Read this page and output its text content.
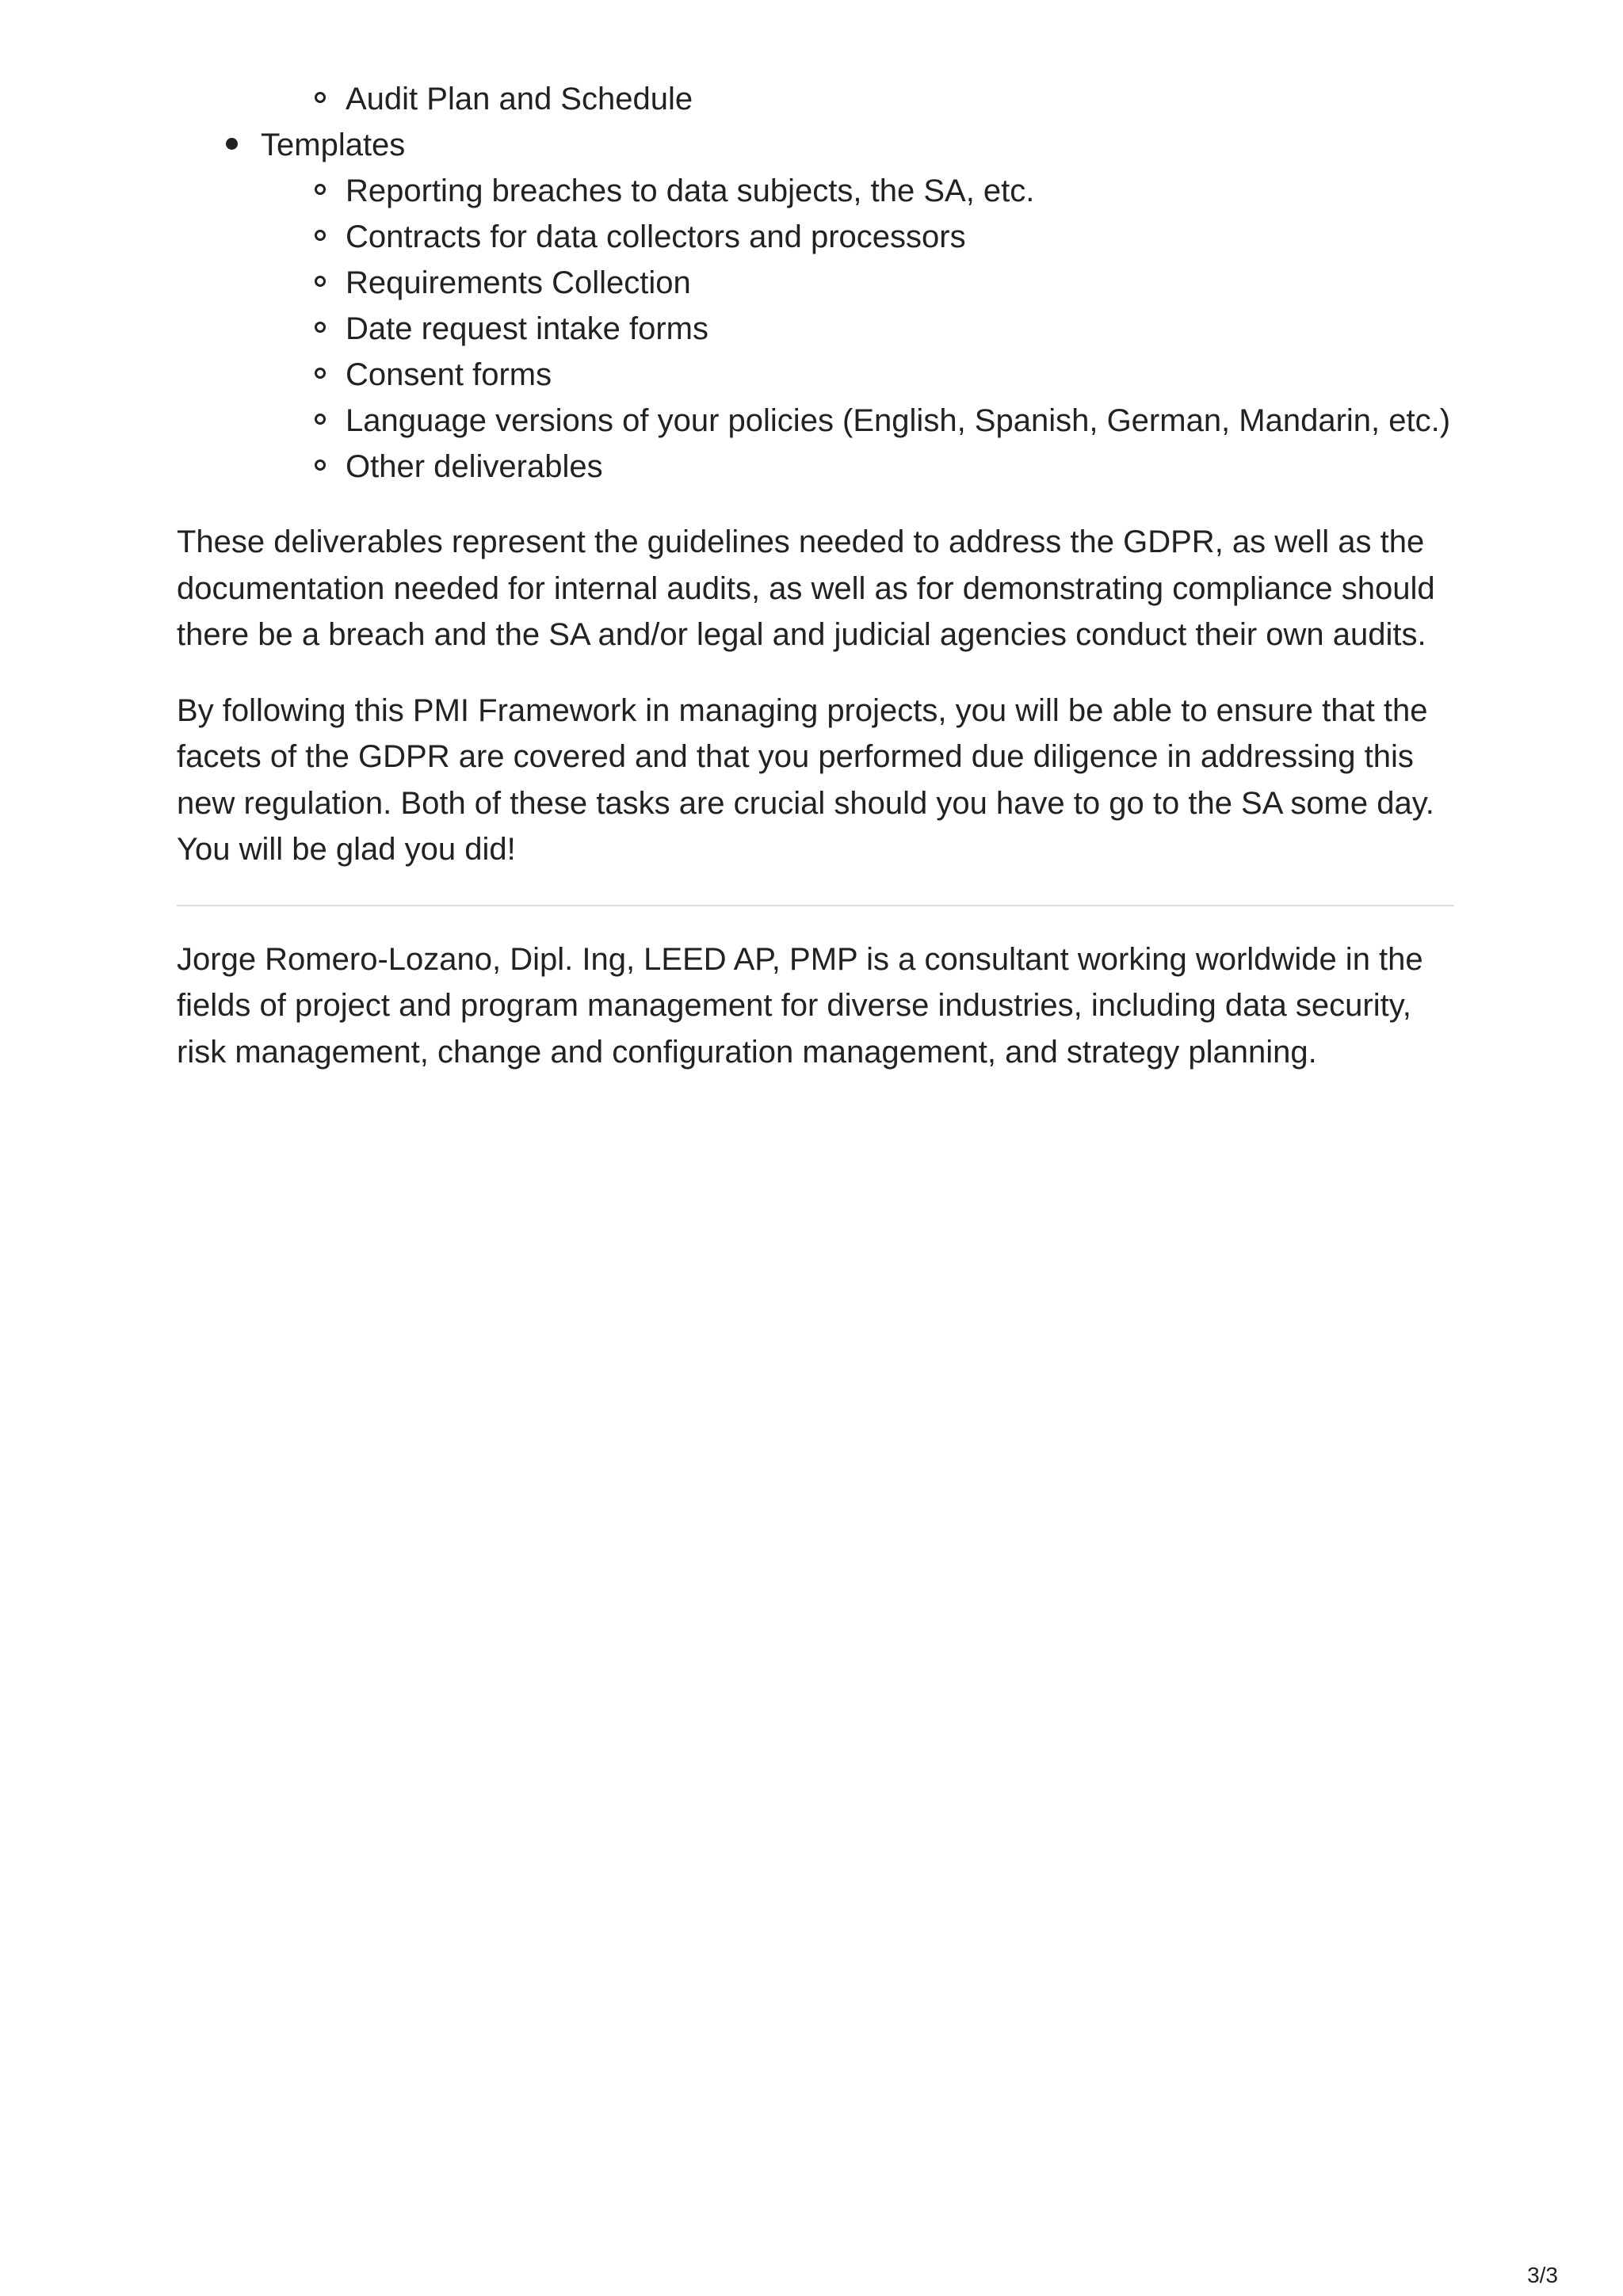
Audit Plan and Schedule
Templates
Reporting breaches to data subjects, the SA, etc.
Contracts for data collectors and processors
Requirements Collection
Date request intake forms
Consent forms
Language versions of your policies (English, Spanish, German, Mandarin, etc.)
Other deliverables

These deliverables represent the guidelines needed to address the GDPR, as well as the documentation needed for internal audits, as well as for demonstrating compliance should there be a breach and the SA and/or legal and judicial agencies conduct their own audits.

By following this PMI Framework in managing projects, you will be able to ensure that the facets of the GDPR are covered and that you performed due diligence in addressing this new regulation. Both of these tasks are crucial should you have to go to the SA some day. You will be glad you did!

Jorge Romero-Lozano, Dipl. Ing, LEED AP, PMP is a consultant working worldwide in the fields of project and program management for diverse industries, including data security, risk management, change and configuration management, and strategy planning.

3/3
